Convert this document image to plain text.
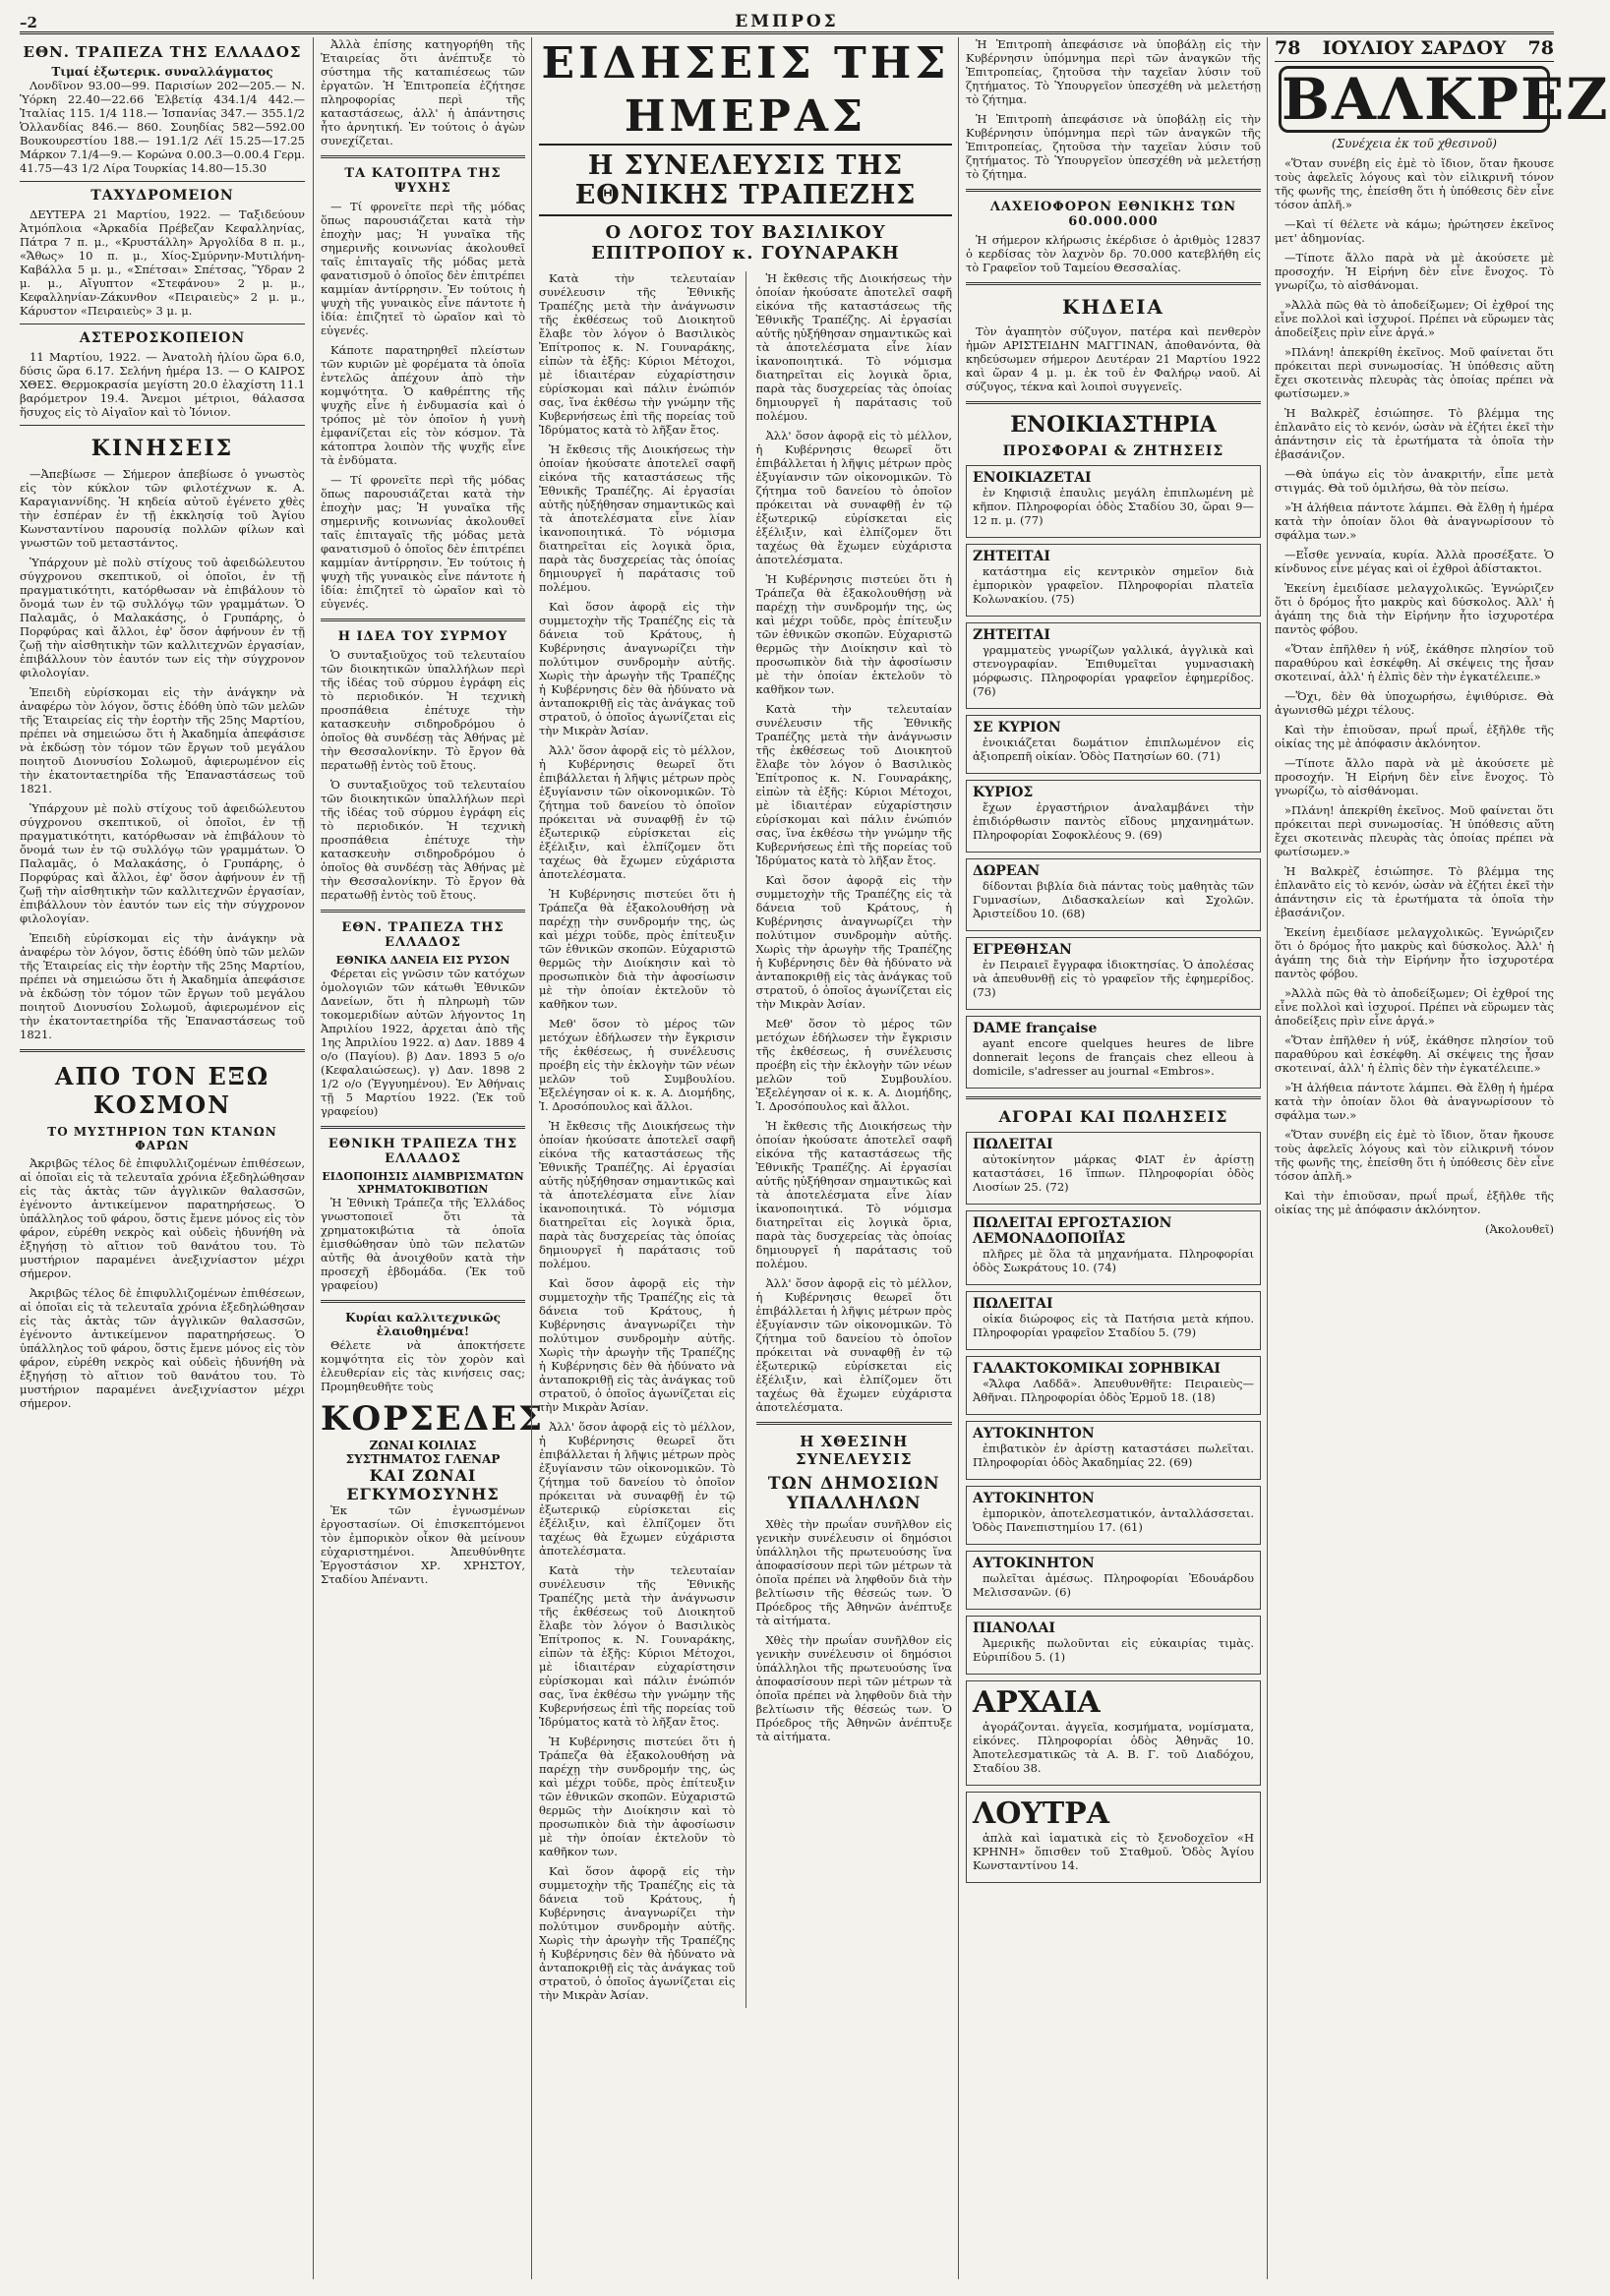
–2	ΕΜΠΡΟΣ
ΕΘΝ. ΤΡΑΠΕΖΑ ΤΗΣ ΕΛΛΑΔΟΣ
Τιμαί ἐξωτερικ. συναλλάγματος

Λονδῖνον 93.00—99. Παρισίων 202—205.— Ν. Ὑόρκη 22.40—22.66 Ἐλβετίᾳ 434.1/4 442.— Ἰταλίας 115. 1/4 118.— Ἰσπανίας 347.— 355.1/2 Ὁλλανδίας 846.— 860. Σουηδίας 582—592.00 Βουκουρεστίου 188.— 191.1/2 Λέϊ 15.25—17.25 Μάρκον 7.1/4—9.— Κορώνα 0.00.3—0.00.4 Γερμ. 41.75—43 1/2 Λίρα Τουρκίας 14.80—15.30

ΤΑΧΥΔΡΟΜΕΙΟΝ

ΔΕΥΤΕΡΑ 21 Μαρτίου, 1922. — Ταξιδεύουν Ἀτμόπλοια «Ἀρκαδία Πρέβεζαν Κεφαλληνίας, Πάτρα 7 π. μ., «Κρυστάλλη» Ἀργολίδα 8 π. μ., «Ἄθως» 10 π. μ., Χίος-Σμύρνην-Μυτιλήνη-Καβάλλα 5 μ. μ., «Σπέτσαι» Σπέτσας, Ὕδραν 2 μ. μ., Αἴγυπτον «Στεφάνου» 2 μ. μ., Κεφαλληνίαν-Ζάκυνθον «Πειραιεὺς» 2 μ. μ., Κάρυστον «Πειραιεὺς» 3 μ. μ.

ΑΣΤΕΡΟΣΚΟΠΕΙΟΝ

11 Μαρτίου, 1922. — Ἀνατολὴ ἡλίου ὥρα 6.0, δύσις ὥρα 6.17. Σελήνη ἡμέρα 13. — Ο ΚΑΙΡΟΣ ΧΘΕΣ. Θερμοκρασία μεγίστη 20.0 ἐλαχίστη 11.1 βαρόμετρον 19.4. Ἄνεμοι μέτριοι, θάλασσα ἥσυχος εἰς τὸ Αἰγαῖον καὶ τὸ Ἰόνιον.

ΚΙΝΗΣΕΙΣ

—Ἀπεβίωσε — Σήμερον ἀπεβίωσε ὁ γνωστὸς εἰς τὸν κύκλον τῶν φιλοτέχνων κ. Α. Καραγιαννίδης. Ἡ κηδεία αὐτοῦ ἐγένετο χθὲς τὴν ἑσπέραν ἐν τῇ ἐκκλησίᾳ τοῦ Ἁγίου Κωνσταντίνου παρουσίᾳ πολλῶν φίλων καὶ γνωστῶν τοῦ μεταστάντος.

Ὑπάρχουν μὲ πολὺ στίχους τοῦ ἀφειδώλευτου σύγχρονου σκεπτικοῦ, οἱ ὁποῖοι, ἐν τῇ πραγματικότητι, κατόρθωσαν νὰ ἐπιβάλουν τὸ ὄνομά των ἐν τῷ συλλόγῳ τῶν γραμμάτων. Ὁ Παλαμᾶς, ὁ Μαλακάσης, ὁ Γρυπάρης, ὁ Πορφύρας καὶ ἄλλοι, ἐφ' ὅσον ἀφήνουν ἐν τῇ ζωῇ τὴν αἰσθητικὴν τῶν καλλιτεχνῶν ἐργασίαν, ἐπιβάλλουν τὸν ἑαυτόν των εἰς τὴν σύγχρονον φιλολογίαν.

Ἐπειδὴ εὑρίσκομαι εἰς τὴν ἀνάγκην νὰ ἀναφέρω τὸν λόγον, ὅστις ἐδόθη ὑπὸ τῶν μελῶν τῆς Ἑταιρείας εἰς τὴν ἑορτὴν τῆς 25ης Μαρτίου, πρέπει νὰ σημειώσω ὅτι ἡ Ἀκαδημία ἀπεφάσισε νὰ ἐκδώσῃ τὸν τόμον τῶν ἔργων τοῦ μεγάλου ποιητοῦ Διονυσίου Σολωμοῦ, ἀφιερωμένον εἰς τὴν ἑκατονταετηρίδα τῆς Ἐπαναστάσεως τοῦ 1821.

Ὑπάρχουν μὲ πολὺ στίχους τοῦ ἀφειδώλευτου σύγχρονου σκεπτικοῦ, οἱ ὁποῖοι, ἐν τῇ πραγματικότητι, κατόρθωσαν νὰ ἐπιβάλουν τὸ ὄνομά των ἐν τῷ συλλόγῳ τῶν γραμμάτων. Ὁ Παλαμᾶς, ὁ Μαλακάσης, ὁ Γρυπάρης, ὁ Πορφύρας καὶ ἄλλοι, ἐφ' ὅσον ἀφήνουν ἐν τῇ ζωῇ τὴν αἰσθητικὴν τῶν καλλιτεχνῶν ἐργασίαν, ἐπιβάλλουν τὸν ἑαυτόν των εἰς τὴν σύγχρονον φιλολογίαν.

Ἐπειδὴ εὑρίσκομαι εἰς τὴν ἀνάγκην νὰ ἀναφέρω τὸν λόγον, ὅστις ἐδόθη ὑπὸ τῶν μελῶν τῆς Ἑταιρείας εἰς τὴν ἑορτὴν τῆς 25ης Μαρτίου, πρέπει νὰ σημειώσω ὅτι ἡ Ἀκαδημία ἀπεφάσισε νὰ ἐκδώσῃ τὸν τόμον τῶν ἔργων τοῦ μεγάλου ποιητοῦ Διονυσίου Σολωμοῦ, ἀφιερωμένον εἰς τὴν ἑκατονταετηρίδα τῆς Ἐπαναστάσεως τοῦ 1821.

ΑΠΟ ΤΟΝ ΕΞΩ ΚΟΣΜΟΝ
ΤΟ ΜΥΣΤΗΡΙΟΝ ΤΩΝ ΚΤΑΝΩΝ ΦΑΡΩΝ

Ἀκριβῶς τέλος δὲ ἐπιφυλλιζομένων ἐπιθέσεων, αἱ ὁποῖαι εἰς τὰ τελευταῖα χρόνια ἐξεδηλώθησαν εἰς τὰς ἀκτὰς τῶν ἀγγλικῶν θαλασσῶν, ἐγένοντο ἀντικείμενον παρατηρήσεως. Ὁ ὑπάλληλος τοῦ φάρου, ὅστις ἔμενε μόνος εἰς τὸν φάρον, εὑρέθη νεκρὸς καὶ οὐδεὶς ἠδυνήθη νὰ ἐξηγήσῃ τὸ αἴτιον τοῦ θανάτου του. Τὸ μυστήριον παραμένει ἀνεξιχνίαστον μέχρι σήμερον.

Ἀκριβῶς τέλος δὲ ἐπιφυλλιζομένων ἐπιθέσεων, αἱ ὁποῖαι εἰς τὰ τελευταῖα χρόνια ἐξεδηλώθησαν εἰς τὰς ἀκτὰς τῶν ἀγγλικῶν θαλασσῶν, ἐγένοντο ἀντικείμενον παρατηρήσεως. Ὁ ὑπάλληλος τοῦ φάρου, ὅστις ἔμενε μόνος εἰς τὸν φάρον, εὑρέθη νεκρὸς καὶ οὐδεὶς ἠδυνήθη νὰ ἐξηγήσῃ τὸ αἴτιον τοῦ θανάτου του. Τὸ μυστήριον παραμένει ἀνεξιχνίαστον μέχρι σήμερον.

Ἀλλὰ ἐπίσης κατηγορήθη τῆς Ἐταιρείας ὅτι ἀνέπτυξε τὸ σύστημα τῆς καταπιέσεως τῶν ἐργατῶν. Ἡ Ἐπιτροπεία ἐζήτησε πληροφορίας περὶ τῆς καταστάσεως, ἀλλ' ἡ ἀπάντησις ἦτο ἀρνητική. Ἐν τούτοις ὁ ἀγὼν συνεχίζεται.

ΤΑ ΚΑΤΟΠΤΡΑ ΤΗΣ ΨΥΧΗΣ

— Τί φρονεῖτε περὶ τῆς μόδας ὅπως παρουσιάζεται κατὰ τὴν ἐποχὴν μας; Ἡ γυναῖκα τῆς σημερινῆς κοινωνίας ἀκολουθεῖ ταῖς ἐπιταγαῖς τῆς μόδας μετὰ φανατισμοῦ ὁ ὁποῖος δὲν ἐπιτρέπει καμμίαν ἀντίρρησιν. Ἐν τούτοις ἡ ψυχὴ τῆς γυναικὸς εἶνε πάντοτε ἡ ἰδία: ἐπιζητεῖ τὸ ὡραῖον καὶ τὸ εὐγενές.

Κάποτε παρατηρηθεῖ πλείστων τῶν κυριῶν μὲ φορέματα τὰ ὁποῖα ἐντελῶς ἀπέχουν ἀπὸ τὴν κομψότητα. Ὁ καθρέπτης τῆς ψυχῆς εἶνε ἡ ἐνδυμασία καὶ ὁ τρόπος μὲ τὸν ὁποῖον ἡ γυνὴ ἐμφανίζεται εἰς τὸν κόσμον. Τὰ κάτοπτρα λοιπὸν τῆς ψυχῆς εἶνε τὰ ἐνδύματα.

— Τί φρονεῖτε περὶ τῆς μόδας ὅπως παρουσιάζεται κατὰ τὴν ἐποχὴν μας; Ἡ γυναῖκα τῆς σημερινῆς κοινωνίας ἀκολουθεῖ ταῖς ἐπιταγαῖς τῆς μόδας μετὰ φανατισμοῦ ὁ ὁποῖος δὲν ἐπιτρέπει καμμίαν ἀντίρρησιν. Ἐν τούτοις ἡ ψυχὴ τῆς γυναικὸς εἶνε πάντοτε ἡ ἰδία: ἐπιζητεῖ τὸ ὡραῖον καὶ τὸ εὐγενές.

Η ΙΔΕΑ ΤΟΥ ΣΥΡΜΟΥ

Ὁ συνταξιοῦχος τοῦ τελευταίου τῶν διοικητικῶν ὑπαλλήλων περὶ τῆς ἰδέας τοῦ σύρμου ἐγράφη εἰς τὸ περιοδικόν. Ἡ τεχνικὴ προσπάθεια ἐπέτυχε τὴν κατασκευὴν σιδηροδρόμου ὁ ὁποῖος θὰ συνδέσῃ τὰς Ἀθήνας μὲ τὴν Θεσσαλονίκην. Τὸ ἔργον θὰ περατωθῇ ἐντὸς τοῦ ἔτους.

Ὁ συνταξιοῦχος τοῦ τελευταίου τῶν διοικητικῶν ὑπαλλήλων περὶ τῆς ἰδέας τοῦ σύρμου ἐγράφη εἰς τὸ περιοδικόν. Ἡ τεχνικὴ προσπάθεια ἐπέτυχε τὴν κατασκευὴν σιδηροδρόμου ὁ ὁποῖος θὰ συνδέσῃ τὰς Ἀθήνας μὲ τὴν Θεσσαλονίκην. Τὸ ἔργον θὰ περατωθῇ ἐντὸς τοῦ ἔτους.

ΕΘΝ. ΤΡΑΠΕΖΑ ΤΗΣ ΕΛΛΑΔΟΣ
ΕΘΝΙΚΑ ΔΑΝΕΙΑ ΕΙΣ ΡΥΣΟΝ

Φέρεται εἰς γνῶσιν τῶν κατόχων ὁμολογιῶν τῶν κάτωθι Ἐθνικῶν Δανείων, ὅτι ἡ πληρωμὴ τῶν τοκομεριδίων αὐτῶν λήγοντος 1η Ἀπριλίου 1922, ἀρχεται ἀπὸ τῆς 1ης Ἀπριλίου 1922. α) Δαν. 1889 4 ο/ο (Παγίου). β) Δαν. 1893 5 ο/ο (Κεφαλαιώσεως). γ) Δαν. 1898 2 1/2 ο/ο (Ἐγγυημένου). Ἐν Ἀθήναις τῇ 5 Μαρτίου 1922. (Ἐκ τοῦ γραφείου)

ΕΘΝΙΚΗ ΤΡΑΠΕΖΑ ΤΗΣ ΕΛΛΑΔΟΣ
ΕΙΔΟΠΟΙΗΣΙΣ ΔΙΑΜΒΡΙΣΜΑΤΩΝ ΧΡΗΜΑΤΟΚΙΒΩΤΙΩΝ

Ἡ Ἐθνικὴ Τράπεζα τῆς Ἑλλάδος γνωστοποιεῖ ὅτι τὰ χρηματοκιβώτια τὰ ὁποῖα ἐμισθώθησαν ὑπὸ τῶν πελατῶν αὐτῆς θὰ ἀνοιχθοῦν κατὰ τὴν προσεχῆ ἑβδομάδα. (Ἐκ τοῦ γραφείου)

Κυρίαι καλλιτεχνικῶς ἐλαιοθημένα!

Θέλετε νὰ ἀποκτήσετε κομψότητα εἰς τὸν χορὸν καὶ ἐλευθερίαν εἰς τὰς κινήσεις σας; Προμηθευθῆτε τοὺς

ΚΟΡΣΕΔΕΣ
ΖΩΝΑΙ ΚΟΙΛΙΑΣ ΣΥΣΤΗΜΑΤΟΣ ΓΛΕΝΑΡ
ΚΑΙ ΖΩΝΑΙ ΕΓΚΥΜΟΣΥΝΗΣ

Ἐκ τῶν ἐγνωσμένων ἐργοστασίων. Οἱ ἐπισκεπτόμενοι τὸν ἐμπορικὸν οἶκον θὰ μείνουν εὐχαριστημένοι. Ἀπευθύνθητε Ἐργοστάσιον ΧΡ. ΧΡΗΣΤΟΥ, Σταδίου Ἀπέναντι.

ΕΙΔΗΣΕΙΣ ΤΗΣ ΗΜΕΡΑΣ
Η ΣΥΝΕΛΕΥΣΙΣ ΤΗΣ ΕΘΝΙΚΗΣ ΤΡΑΠΕΖΗΣ
Ο ΛΟΓΟΣ ΤΟΥ ΒΑΣΙΛΙΚΟΥ ΕΠΙΤΡΟΠΟΥ κ. ΓΟΥΝΑΡΑΚΗ

Κατὰ τὴν τελευταίαν συνέλευσιν τῆς Ἐθνικῆς Τραπέζης μετὰ τὴν ἀνάγνωσιν τῆς ἐκθέσεως τοῦ Διοικητοῦ ἔλαβε τὸν λόγον ὁ Βασιλικὸς Ἐπίτροπος κ. Ν. Γουναράκης, εἰπὼν τὰ ἑξῆς: Κύριοι Μέτοχοι, μὲ ἰδιαιτέραν εὐχαρίστησιν εὑρίσκομαι καὶ πάλιν ἐνώπιόν σας, ἵνα ἐκθέσω τὴν γνώμην τῆς Κυβερνήσεως ἐπὶ τῆς πορείας τοῦ Ἱδρύματος κατὰ τὸ λῆξαν ἔτος.

Ἡ ἔκθεσις τῆς Διοικήσεως τὴν ὁποίαν ἠκούσατε ἀποτελεῖ σαφῆ εἰκόνα τῆς καταστάσεως τῆς Ἐθνικῆς Τραπέζης. Αἱ ἐργασίαι αὐτῆς ηὐξήθησαν σημαντικῶς καὶ τὰ ἀποτελέσματα εἶνε λίαν ἱκανοποιητικά. Τὸ νόμισμα διατηρεῖται εἰς λογικὰ ὅρια, παρὰ τὰς δυσχερείας τὰς ὁποίας δημιουργεῖ ἡ παράτασις τοῦ πολέμου.

Καὶ ὅσον ἀφορᾷ εἰς τὴν συμμετοχὴν τῆς Τραπέζης εἰς τὰ δάνεια τοῦ Κράτους, ἡ Κυβέρνησις ἀναγνωρίζει τὴν πολύτιμον συνδρομὴν αὐτῆς. Χωρὶς τὴν ἀρωγὴν τῆς Τραπέζης ἡ Κυβέρνησις δὲν θὰ ἠδύνατο νὰ ἀνταποκριθῇ εἰς τὰς ἀνάγκας τοῦ στρατοῦ, ὁ ὁποῖος ἀγωνίζεται εἰς τὴν Μικρὰν Ἀσίαν.

Ἀλλ' ὅσον ἀφορᾷ εἰς τὸ μέλλον, ἡ Κυβέρνησις θεωρεῖ ὅτι ἐπιβάλλεται ἡ λῆψις μέτρων πρὸς ἐξυγίανσιν τῶν οἰκονομικῶν. Τὸ ζήτημα τοῦ δανείου τὸ ὁποῖον πρόκειται νὰ συναφθῇ ἐν τῷ ἐξωτερικῷ εὑρίσκεται εἰς ἐξέλιξιν, καὶ ἐλπίζομεν ὅτι ταχέως θὰ ἔχωμεν εὐχάριστα ἀποτελέσματα.

Ἡ Κυβέρνησις πιστεύει ὅτι ἡ Τράπεζα θὰ ἐξακολουθήσῃ νὰ παρέχῃ τὴν συνδρομήν της, ὡς καὶ μέχρι τοῦδε, πρὸς ἐπίτευξιν τῶν ἐθνικῶν σκοπῶν. Εὐχαριστῶ θερμῶς τὴν Διοίκησιν καὶ τὸ προσωπικὸν διὰ τὴν ἀφοσίωσιν μὲ τὴν ὁποίαν ἐκτελοῦν τὸ καθῆκον των.

Μεθ' ὅσον τὸ μέρος τῶν μετόχων ἐδήλωσεν τὴν ἔγκρισιν τῆς ἐκθέσεως, ἡ συνέλευσις προέβη εἰς τὴν ἐκλογὴν τῶν νέων μελῶν τοῦ Συμβουλίου. Ἐξελέγησαν οἱ κ. κ. Α. Διομήδης, Ἰ. Δροσόπουλος καὶ ἄλλοι.

Ἡ ἔκθεσις τῆς Διοικήσεως τὴν ὁποίαν ἠκούσατε ἀποτελεῖ σαφῆ εἰκόνα τῆς καταστάσεως τῆς Ἐθνικῆς Τραπέζης. Αἱ ἐργασίαι αὐτῆς ηὐξήθησαν σημαντικῶς καὶ τὰ ἀποτελέσματα εἶνε λίαν ἱκανοποιητικά. Τὸ νόμισμα διατηρεῖται εἰς λογικὰ ὅρια, παρὰ τὰς δυσχερείας τὰς ὁποίας δημιουργεῖ ἡ παράτασις τοῦ πολέμου.

Καὶ ὅσον ἀφορᾷ εἰς τὴν συμμετοχὴν τῆς Τραπέζης εἰς τὰ δάνεια τοῦ Κράτους, ἡ Κυβέρνησις ἀναγνωρίζει τὴν πολύτιμον συνδρομὴν αὐτῆς. Χωρὶς τὴν ἀρωγὴν τῆς Τραπέζης ἡ Κυβέρνησις δὲν θὰ ἠδύνατο νὰ ἀνταποκριθῇ εἰς τὰς ἀνάγκας τοῦ στρατοῦ, ὁ ὁποῖος ἀγωνίζεται εἰς τὴν Μικρὰν Ἀσίαν.

Ἀλλ' ὅσον ἀφορᾷ εἰς τὸ μέλλον, ἡ Κυβέρνησις θεωρεῖ ὅτι ἐπιβάλλεται ἡ λῆψις μέτρων πρὸς ἐξυγίανσιν τῶν οἰκονομικῶν. Τὸ ζήτημα τοῦ δανείου τὸ ὁποῖον πρόκειται νὰ συναφθῇ ἐν τῷ ἐξωτερικῷ εὑρίσκεται εἰς ἐξέλιξιν, καὶ ἐλπίζομεν ὅτι ταχέως θὰ ἔχωμεν εὐχάριστα ἀποτελέσματα.

Κατὰ τὴν τελευταίαν συνέλευσιν τῆς Ἐθνικῆς Τραπέζης μετὰ τὴν ἀνάγνωσιν τῆς ἐκθέσεως τοῦ Διοικητοῦ ἔλαβε τὸν λόγον ὁ Βασιλικὸς Ἐπίτροπος κ. Ν. Γουναράκης, εἰπὼν τὰ ἑξῆς: Κύριοι Μέτοχοι, μὲ ἰδιαιτέραν εὐχαρίστησιν εὑρίσκομαι καὶ πάλιν ἐνώπιόν σας, ἵνα ἐκθέσω τὴν γνώμην τῆς Κυβερνήσεως ἐπὶ τῆς πορείας τοῦ Ἱδρύματος κατὰ τὸ λῆξαν ἔτος.

Ἡ Κυβέρνησις πιστεύει ὅτι ἡ Τράπεζα θὰ ἐξακολουθήσῃ νὰ παρέχῃ τὴν συνδρομήν της, ὡς καὶ μέχρι τοῦδε, πρὸς ἐπίτευξιν τῶν ἐθνικῶν σκοπῶν. Εὐχαριστῶ θερμῶς τὴν Διοίκησιν καὶ τὸ προσωπικὸν διὰ τὴν ἀφοσίωσιν μὲ τὴν ὁποίαν ἐκτελοῦν τὸ καθῆκον των.

Καὶ ὅσον ἀφορᾷ εἰς τὴν συμμετοχὴν τῆς Τραπέζης εἰς τὰ δάνεια τοῦ Κράτους, ἡ Κυβέρνησις ἀναγνωρίζει τὴν πολύτιμον συνδρομὴν αὐτῆς. Χωρὶς τὴν ἀρωγὴν τῆς Τραπέζης ἡ Κυβέρνησις δὲν θὰ ἠδύνατο νὰ ἀνταποκριθῇ εἰς τὰς ἀνάγκας τοῦ στρατοῦ, ὁ ὁποῖος ἀγωνίζεται εἰς τὴν Μικρὰν Ἀσίαν.

Ἡ ἔκθεσις τῆς Διοικήσεως τὴν ὁποίαν ἠκούσατε ἀποτελεῖ σαφῆ εἰκόνα τῆς καταστάσεως τῆς Ἐθνικῆς Τραπέζης. Αἱ ἐργασίαι αὐτῆς ηὐξήθησαν σημαντικῶς καὶ τὰ ἀποτελέσματα εἶνε λίαν ἱκανοποιητικά. Τὸ νόμισμα διατηρεῖται εἰς λογικὰ ὅρια, παρὰ τὰς δυσχερείας τὰς ὁποίας δημιουργεῖ ἡ παράτασις τοῦ πολέμου.

Ἀλλ' ὅσον ἀφορᾷ εἰς τὸ μέλλον, ἡ Κυβέρνησις θεωρεῖ ὅτι ἐπιβάλλεται ἡ λῆψις μέτρων πρὸς ἐξυγίανσιν τῶν οἰκονομικῶν. Τὸ ζήτημα τοῦ δανείου τὸ ὁποῖον πρόκειται νὰ συναφθῇ ἐν τῷ ἐξωτερικῷ εὑρίσκεται εἰς ἐξέλιξιν, καὶ ἐλπίζομεν ὅτι ταχέως θὰ ἔχωμεν εὐχάριστα ἀποτελέσματα.

Ἡ Κυβέρνησις πιστεύει ὅτι ἡ Τράπεζα θὰ ἐξακολουθήσῃ νὰ παρέχῃ τὴν συνδρομήν της, ὡς καὶ μέχρι τοῦδε, πρὸς ἐπίτευξιν τῶν ἐθνικῶν σκοπῶν. Εὐχαριστῶ θερμῶς τὴν Διοίκησιν καὶ τὸ προσωπικὸν διὰ τὴν ἀφοσίωσιν μὲ τὴν ὁποίαν ἐκτελοῦν τὸ καθῆκον των.

Κατὰ τὴν τελευταίαν συνέλευσιν τῆς Ἐθνικῆς Τραπέζης μετὰ τὴν ἀνάγνωσιν τῆς ἐκθέσεως τοῦ Διοικητοῦ ἔλαβε τὸν λόγον ὁ Βασιλικὸς Ἐπίτροπος κ. Ν. Γουναράκης, εἰπὼν τὰ ἑξῆς: Κύριοι Μέτοχοι, μὲ ἰδιαιτέραν εὐχαρίστησιν εὑρίσκομαι καὶ πάλιν ἐνώπιόν σας, ἵνα ἐκθέσω τὴν γνώμην τῆς Κυβερνήσεως ἐπὶ τῆς πορείας τοῦ Ἱδρύματος κατὰ τὸ λῆξαν ἔτος.

Καὶ ὅσον ἀφορᾷ εἰς τὴν συμμετοχὴν τῆς Τραπέζης εἰς τὰ δάνεια τοῦ Κράτους, ἡ Κυβέρνησις ἀναγνωρίζει τὴν πολύτιμον συνδρομὴν αὐτῆς. Χωρὶς τὴν ἀρωγὴν τῆς Τραπέζης ἡ Κυβέρνησις δὲν θὰ ἠδύνατο νὰ ἀνταποκριθῇ εἰς τὰς ἀνάγκας τοῦ στρατοῦ, ὁ ὁποῖος ἀγωνίζεται εἰς τὴν Μικρὰν Ἀσίαν.

Μεθ' ὅσον τὸ μέρος τῶν μετόχων ἐδήλωσεν τὴν ἔγκρισιν τῆς ἐκθέσεως, ἡ συνέλευσις προέβη εἰς τὴν ἐκλογὴν τῶν νέων μελῶν τοῦ Συμβουλίου. Ἐξελέγησαν οἱ κ. κ. Α. Διομήδης, Ἰ. Δροσόπουλος καὶ ἄλλοι.

Ἡ ἔκθεσις τῆς Διοικήσεως τὴν ὁποίαν ἠκούσατε ἀποτελεῖ σαφῆ εἰκόνα τῆς καταστάσεως τῆς Ἐθνικῆς Τραπέζης. Αἱ ἐργασίαι αὐτῆς ηὐξήθησαν σημαντικῶς καὶ τὰ ἀποτελέσματα εἶνε λίαν ἱκανοποιητικά. Τὸ νόμισμα διατηρεῖται εἰς λογικὰ ὅρια, παρὰ τὰς δυσχερείας τὰς ὁποίας δημιουργεῖ ἡ παράτασις τοῦ πολέμου.

Ἀλλ' ὅσον ἀφορᾷ εἰς τὸ μέλλον, ἡ Κυβέρνησις θεωρεῖ ὅτι ἐπιβάλλεται ἡ λῆψις μέτρων πρὸς ἐξυγίανσιν τῶν οἰκονομικῶν. Τὸ ζήτημα τοῦ δανείου τὸ ὁποῖον πρόκειται νὰ συναφθῇ ἐν τῷ ἐξωτερικῷ εὑρίσκεται εἰς ἐξέλιξιν, καὶ ἐλπίζομεν ὅτι ταχέως θὰ ἔχωμεν εὐχάριστα ἀποτελέσματα.

Η ΧΘΕΣΙΝΗ ΣΥΝΕΛΕΥΣΙΣ
ΤΩΝ ΔΗΜΟΣΙΩΝ ΥΠΑΛΛΗΛΩΝ

Χθὲς τὴν πρωΐαν συνῆλθον εἰς γενικὴν συνέλευσιν οἱ δημόσιοι ὑπάλληλοι τῆς πρωτευούσης ἵνα ἀποφασίσουν περὶ τῶν μέτρων τὰ ὁποῖα πρέπει νὰ ληφθοῦν διὰ τὴν βελτίωσιν τῆς θέσεώς των. Ὁ Πρόεδρος τῆς Ἀθηνῶν ἀνέπτυξε τὰ αἰτήματα.

Χθὲς τὴν πρωΐαν συνῆλθον εἰς γενικὴν συνέλευσιν οἱ δημόσιοι ὑπάλληλοι τῆς πρωτευούσης ἵνα ἀποφασίσουν περὶ τῶν μέτρων τὰ ὁποῖα πρέπει νὰ ληφθοῦν διὰ τὴν βελτίωσιν τῆς θέσεώς των. Ὁ Πρόεδρος τῆς Ἀθηνῶν ἀνέπτυξε τὰ αἰτήματα.

Ἡ Ἐπιτροπὴ ἀπεφάσισε νὰ ὑποβάλῃ εἰς τὴν Κυβέρνησιν ὑπόμνημα περὶ τῶν ἀναγκῶν τῆς Ἐπιτροπείας, ζητοῦσα τὴν ταχεῖαν λύσιν τοῦ ζητήματος. Τὸ Ὑπουργεῖον ὑπεσχέθη νὰ μελετήσῃ τὸ ζήτημα.

Ἡ Ἐπιτροπὴ ἀπεφάσισε νὰ ὑποβάλῃ εἰς τὴν Κυβέρνησιν ὑπόμνημα περὶ τῶν ἀναγκῶν τῆς Ἐπιτροπείας, ζητοῦσα τὴν ταχεῖαν λύσιν τοῦ ζητήματος. Τὸ Ὑπουργεῖον ὑπεσχέθη νὰ μελετήσῃ τὸ ζήτημα.

ΛΑΧΕΙΟΦΟΡΟΝ ΕΘΝΙΚΗΣ ΤΩΝ 60.000.000

Ἡ σήμερον κλήρωσις ἐκέρδισε ὁ ἀριθμὸς 12837 ὁ κερδίσας τὸν λαχνὸν δρ. 70.000 κατεβλήθη εἰς τὸ Γραφεῖον τοῦ Ταμείου Θεσσαλίας.

ΚΗΔΕΙΑ

Τὸν ἀγαπητὸν σύζυγον, πατέρα καὶ πενθερὸν ἡμῶν ΑΡΙΣΤΕΙΔΗΝ ΜΑΓΓΙΝΑΝ, ἀποθανόντα, θὰ κηδεύσωμεν σήμερον Δευτέραν 21 Μαρτίου 1922 καὶ ὥραν 4 μ. μ. ἐκ τοῦ ἐν Φαλήρῳ ναοῦ. Αἱ σύζυγος, τέκνα καὶ λοιποὶ συγγενεῖς.

ΕΝΟΙΚΙΑΣΤΗΡΙΑ
ΠΡΟΣΦΟΡΑΙ & ΖΗΤΗΣΕΙΣ
ΕΝΟΙΚΙΑΖΕΤΑΙ

ἐν Κηφισιᾷ ἐπαυλις μεγάλη ἐπιπλωμένη μὲ κῆπον. Πληροφορίαι ὁδὸς Σταδίου 30, ὥραι 9—12 π. μ. (77)

ΖΗΤΕΙΤΑΙ

κατάστημα εἰς κεντρικὸν σημεῖον διὰ ἐμπορικὸν γραφεῖον. Πληροφορίαι πλατεῖα Κολωνακίου. (75)

ΖΗΤΕΙΤΑΙ

γραμματεὺς γνωρίζων γαλλικά, ἀγγλικὰ καὶ στενογραφίαν. Ἐπιθυμεῖται γυμνασιακὴ μόρφωσις. Πληροφορίαι γραφεῖον ἐφημερίδος. (76)

ΣΕ ΚΥΡΙΟΝ

ἐνοικιάζεται δωμάτιον ἐπιπλωμένον εἰς ἀξιοπρεπῆ οἰκίαν. Ὁδὸς Πατησίων 60. (71)

ΚΥΡΙΟΣ

ἔχων ἐργαστήριον ἀναλαμβάνει τὴν ἐπιδιόρθωσιν παντὸς εἴδους μηχανημάτων. Πληροφορίαι Σοφοκλέους 9. (69)

ΔΩΡΕΑΝ

δίδονται βιβλία διὰ πάντας τοὺς μαθητὰς τῶν Γυμνασίων, Διδασκαλείων καὶ Σχολῶν. Ἀριστείδου 10. (68)

ΕΓΡΕΘΗΣΑΝ

ἐν Πειραιεῖ ἔγγραφα ἰδιοκτησίας. Ὁ ἀπολέσας νὰ ἀπευθυνθῇ εἰς τὸ γραφεῖον τῆς ἐφημερίδος. (73)

DAME française

ayant encore quelques heures de libre donnerait leçons de français chez elleou à domicile, s'adresser au journal «Embros».

ΑΓΟΡΑΙ ΚΑΙ ΠΩΛΗΣΕΙΣ
ΠΩΛΕΙΤΑΙ

αὐτοκίνητον μάρκας ΦΙΑΤ ἐν ἀρίστῃ καταστάσει, 16 ἵππων. Πληροφορίαι ὁδὸς Λιοσίων 25. (72)

ΠΩΛΕΙΤΑΙ ΕΡΓΟΣΤΑΣΙΟΝ ΛΕΜΟΝΑΔΟΠΟΙΪΑΣ

πλῆρες μὲ ὅλα τὰ μηχανήματα. Πληροφορίαι ὁδὸς Σωκράτους 10. (74)

ΠΩΛΕΙΤΑΙ

οἰκία διώροφος εἰς τὰ Πατήσια μετὰ κήπου. Πληροφορίαι γραφεῖον Σταδίου 5. (79)

ΓΑΛΑΚΤΟΚΟΜΙΚΑΙ ΣΟΡΗΒΙΚΑΙ

«Ἄλφα Λαδδᾶ». Ἀπευθυνθῆτε: Πειραιεὺς—Ἀθῆναι. Πληροφορίαι ὁδὸς Ἑρμοῦ 18. (18)

ΑΥΤΟΚΙΝΗΤΟΝ

ἐπιβατικὸν ἐν ἀρίστῃ καταστάσει πωλεῖται. Πληροφορίαι ὁδὸς Ἀκαδημίας 22. (69)

ΑΥΤΟΚΙΝΗΤΟΝ

ἐμπορικὸν, ἀποτελεσματικόν, ἀνταλλάσσεται. Ὁδὸς Πανεπιστημίου 17. (61)

ΑΥΤΟΚΙΝΗΤΟΝ

πωλεῖται ἀμέσως. Πληροφορίαι Ἐδουάρδου Μελισσανῶν. (6)

ΠΙΑΝΟΛΑΙ

Ἀμερικῆς πωλοῦνται εἰς εὐκαιρίας τιμὰς. Εὐριπίδου 5. (1)

ΑΡΧΑΙΑ

ἀγοράζονται. ἀγγεῖα, κοσμήματα, νομίσματα, εἰκόνες. Πληροφορίαι ὁδὸς Ἀθηνᾶς 10. Ἀποτελεσματικῶς τὰ Α. Β. Γ. τοῦ Διαδόχου, Σταδίου 38.

ΛΟΥΤΡΑ

ἀπλὰ καὶ ἰαματικὰ εἰς τὸ ξενοδοχεῖον «Η ΚΡΗΝΗ» ὅπισθεν τοῦ Σταθμοῦ. Ὁδὸς Ἁγίου Κωνσταντίνου 14.

78 ΙΟΥΛΙΟΥ ΣΑΡΔΟΥ 78
ΒΑΛΚΡΕΖ
(Συνέχεια ἐκ τοῦ χθεσινοῦ)

«Ὅταν συνέβη εἰς ἐμὲ τὸ ἴδιον, ὅταν ἤκουσε τοὺς ἀφελεῖς λόγους καὶ τὸν εἰλικρινῆ τόνον τῆς φωνῆς της, ἐπείσθη ὅτι ἡ ὑπόθεσις δὲν εἶνε τόσον ἁπλῆ.»

—Καὶ τί θέλετε νὰ κάμω; ἠρώτησεν ἐκεῖνος μετ' ἀδημονίας.

—Τίποτε ἄλλο παρὰ νὰ μὲ ἀκούσετε μὲ προσοχήν. Ἡ Εἰρήνη δὲν εἶνε ἔνοχος. Τὸ γνωρίζω, τὸ αἰσθάνομαι.

»Ἀλλὰ πῶς θὰ τὸ ἀποδείξωμεν; Οἱ ἐχθροί της εἶνε πολλοὶ καὶ ἰσχυροί. Πρέπει νὰ εὕρωμεν τὰς ἀποδείξεις πρὶν εἶνε ἀργά.»

»Πλάνη! ἀπεκρίθη ἐκεῖνος. Μοῦ φαίνεται ὅτι πρόκειται περὶ συνωμοσίας. Ἡ ὑπόθεσις αὕτη ἔχει σκοτεινὰς πλευρὰς τὰς ὁποίας πρέπει νὰ φωτίσωμεν.»

Ἡ Βαλκρὲζ ἐσιώπησε. Τὸ βλέμμα της ἐπλανᾶτο εἰς τὸ κενόν, ὡσὰν νὰ ἐζήτει ἐκεῖ τὴν ἀπάντησιν εἰς τὰ ἐρωτήματα τὰ ὁποῖα τὴν ἐβασάνιζον.

—Θὰ ὑπάγω εἰς τὸν ἀνακριτήν, εἶπε μετὰ στιγμάς. Θὰ τοῦ ὁμιλήσω, θὰ τὸν πείσω.

»Ἡ ἀλήθεια πάντοτε λάμπει. Θὰ ἔλθῃ ἡ ἡμέρα κατὰ τὴν ὁποίαν ὅλοι θὰ ἀναγνωρίσουν τὸ σφάλμα των.»

—Εἶσθε γενναία, κυρία. Ἀλλὰ προσέξατε. Ὁ κίνδυνος εἶνε μέγας καὶ οἱ ἐχθροὶ ἀδίστακτοι.

Ἐκείνη ἐμειδίασε μελαγχολικῶς. Ἐγνώριζεν ὅτι ὁ δρόμος ἦτο μακρὺς καὶ δύσκολος. Ἀλλ' ἡ ἀγάπη της διὰ τὴν Εἰρήνην ἦτο ἰσχυροτέρα παντὸς φόβου.

«Ὅταν ἐπῆλθεν ἡ νύξ, ἐκάθησε πλησίον τοῦ παραθύρου καὶ ἐσκέφθη. Αἱ σκέψεις της ἦσαν σκοτειναί, ἀλλ' ἡ ἐλπὶς δὲν τὴν ἐγκατέλειπε.»

—Ὅχι, δὲν θὰ ὑποχωρήσω, ἐψιθύρισε. Θὰ ἀγωνισθῶ μέχρι τέλους.

Καὶ τὴν ἐπιοῦσαν, πρωΐ πρωΐ, ἐξῆλθε τῆς οἰκίας της μὲ ἀπόφασιν ἀκλόνητον.

—Τίποτε ἄλλο παρὰ νὰ μὲ ἀκούσετε μὲ προσοχήν. Ἡ Εἰρήνη δὲν εἶνε ἔνοχος. Τὸ γνωρίζω, τὸ αἰσθάνομαι.

»Πλάνη! ἀπεκρίθη ἐκεῖνος. Μοῦ φαίνεται ὅτι πρόκειται περὶ συνωμοσίας. Ἡ ὑπόθεσις αὕτη ἔχει σκοτεινὰς πλευρὰς τὰς ὁποίας πρέπει νὰ φωτίσωμεν.»

Ἡ Βαλκρὲζ ἐσιώπησε. Τὸ βλέμμα της ἐπλανᾶτο εἰς τὸ κενόν, ὡσὰν νὰ ἐζήτει ἐκεῖ τὴν ἀπάντησιν εἰς τὰ ἐρωτήματα τὰ ὁποῖα τὴν ἐβασάνιζον.

Ἐκείνη ἐμειδίασε μελαγχολικῶς. Ἐγνώριζεν ὅτι ὁ δρόμος ἦτο μακρὺς καὶ δύσκολος. Ἀλλ' ἡ ἀγάπη της διὰ τὴν Εἰρήνην ἦτο ἰσχυροτέρα παντὸς φόβου.

»Ἀλλὰ πῶς θὰ τὸ ἀποδείξωμεν; Οἱ ἐχθροί της εἶνε πολλοὶ καὶ ἰσχυροί. Πρέπει νὰ εὕρωμεν τὰς ἀποδείξεις πρὶν εἶνε ἀργά.»

«Ὅταν ἐπῆλθεν ἡ νύξ, ἐκάθησε πλησίον τοῦ παραθύρου καὶ ἐσκέφθη. Αἱ σκέψεις της ἦσαν σκοτειναί, ἀλλ' ἡ ἐλπὶς δὲν τὴν ἐγκατέλειπε.»

»Ἡ ἀλήθεια πάντοτε λάμπει. Θὰ ἔλθῃ ἡ ἡμέρα κατὰ τὴν ὁποίαν ὅλοι θὰ ἀναγνωρίσουν τὸ σφάλμα των.»

«Ὅταν συνέβη εἰς ἐμὲ τὸ ἴδιον, ὅταν ἤκουσε τοὺς ἀφελεῖς λόγους καὶ τὸν εἰλικρινῆ τόνον τῆς φωνῆς της, ἐπείσθη ὅτι ἡ ὑπόθεσις δὲν εἶνε τόσον ἁπλῆ.»

Καὶ τὴν ἐπιοῦσαν, πρωΐ πρωΐ, ἐξῆλθε τῆς οἰκίας της μὲ ἀπόφασιν ἀκλόνητον.

(Ἀκολουθεῖ)
